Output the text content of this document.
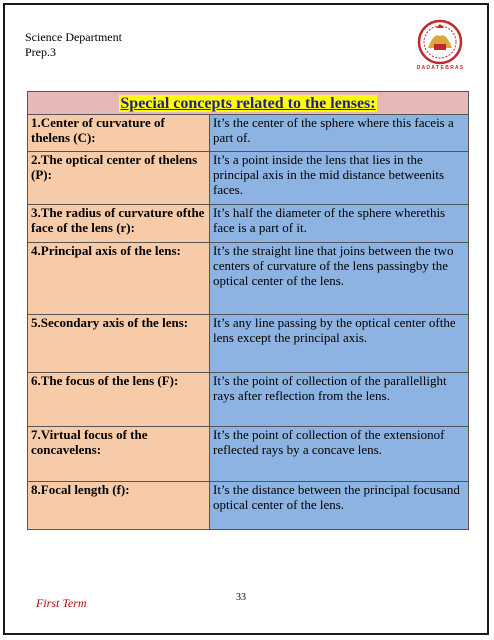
Science Department
Prep.3
D A D A T E B R A S
Special concepts related to the lenses:	
1.Center of curvature of thelens (C):	It’s the center of the sphere where this faceis a part of.
2.The optical center of thelens (P):	It’s a point inside the lens that lies in the principal axis in the mid distance betweenits faces.
3.The radius of curvature ofthe face of the lens (r):	It’s half the diameter of the sphere wherethis face is a part of it.
4.Principal axis of the lens:	It’s the straight line that joins between the two centers of curvature of the lens passingby the optical center of the lens.
5.Secondary axis of the lens:	It’s any line passing by the optical center ofthe lens except the principal axis.
6.The focus of the lens (F):	It’s the point of collection of the parallellight rays after reflection from the lens.
7.Virtual focus of the concavelens:	It’s the point of collection of the extensionof reflected rays by a concave lens.
8.Focal length (f):	It’s the distance between the principal focusand optical center of the lens.
First Term	33
